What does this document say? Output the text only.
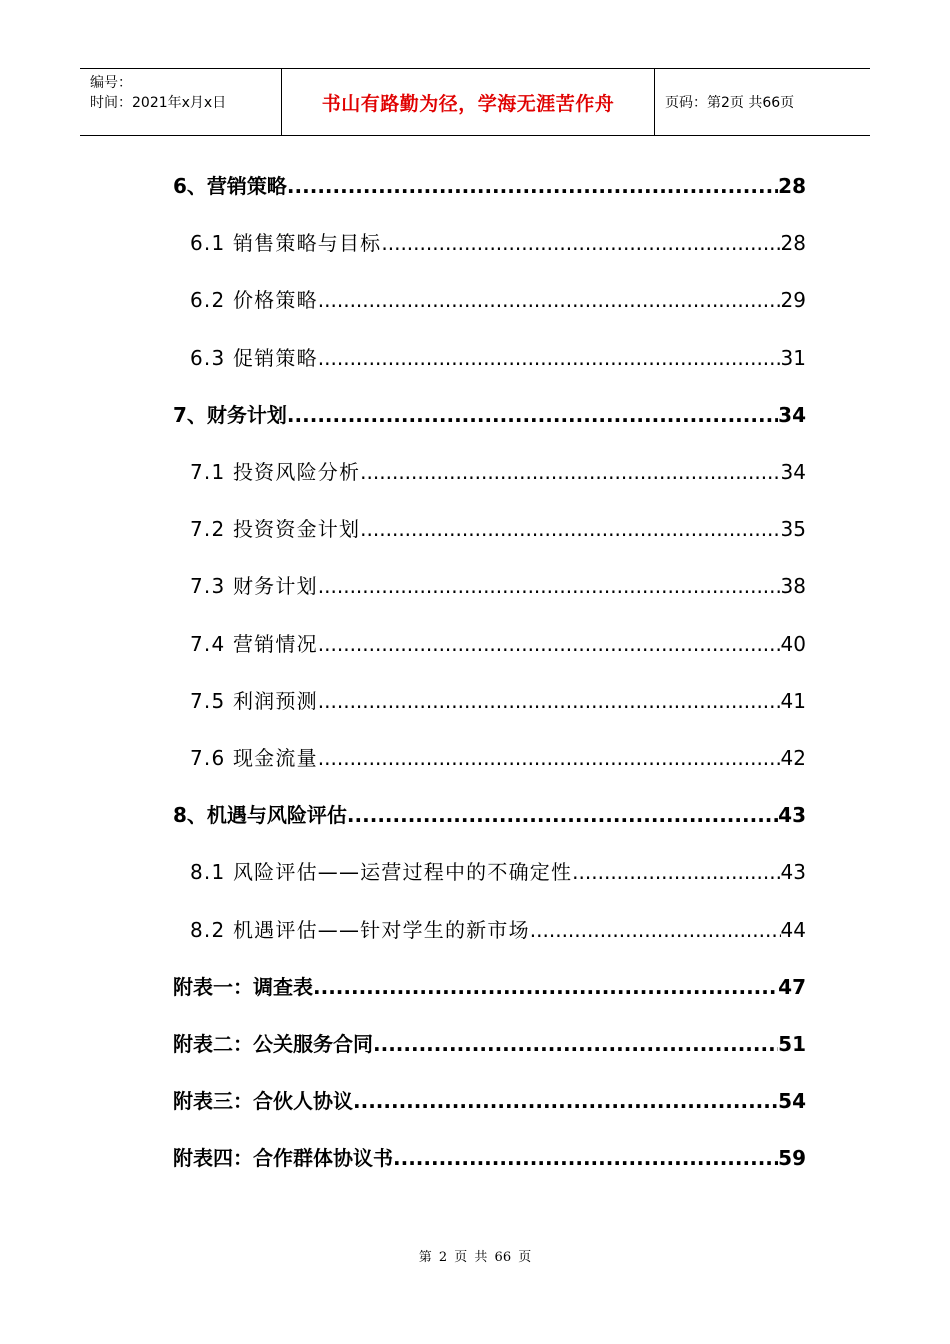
编号：
时间：2021年x月x日	书山有路勤为径，学海无涯苦作舟	页码：第2页 共66页
6、 营销策略 .....	28
6.1 销售策略与目标 .....	28
6.2 价格策略 .....	29
6.3 促销策略 .....	31
7、 财务计划 .....	34
7.1 投资风险分析 .....	34
7.2 投资资金计划 .....	35
7.3 财务计划 .....	38
7.4 营销情况 .....	40
7.5 利润预测 .....	41
7.6 现金流量 .....	42
8、 机遇与风险评估 .....	43
8.1 风险评估——运营过程中的不确定性 .....	43
8.2 机遇评估——针对学生的新市场 .....	44
附表一：调查表 .....	47
附表二：公关服务合同 .....	51
附表三：合伙人协议 .....	54
附表四：合作群体协议书 .....	59
第 2 页 共 66 页
